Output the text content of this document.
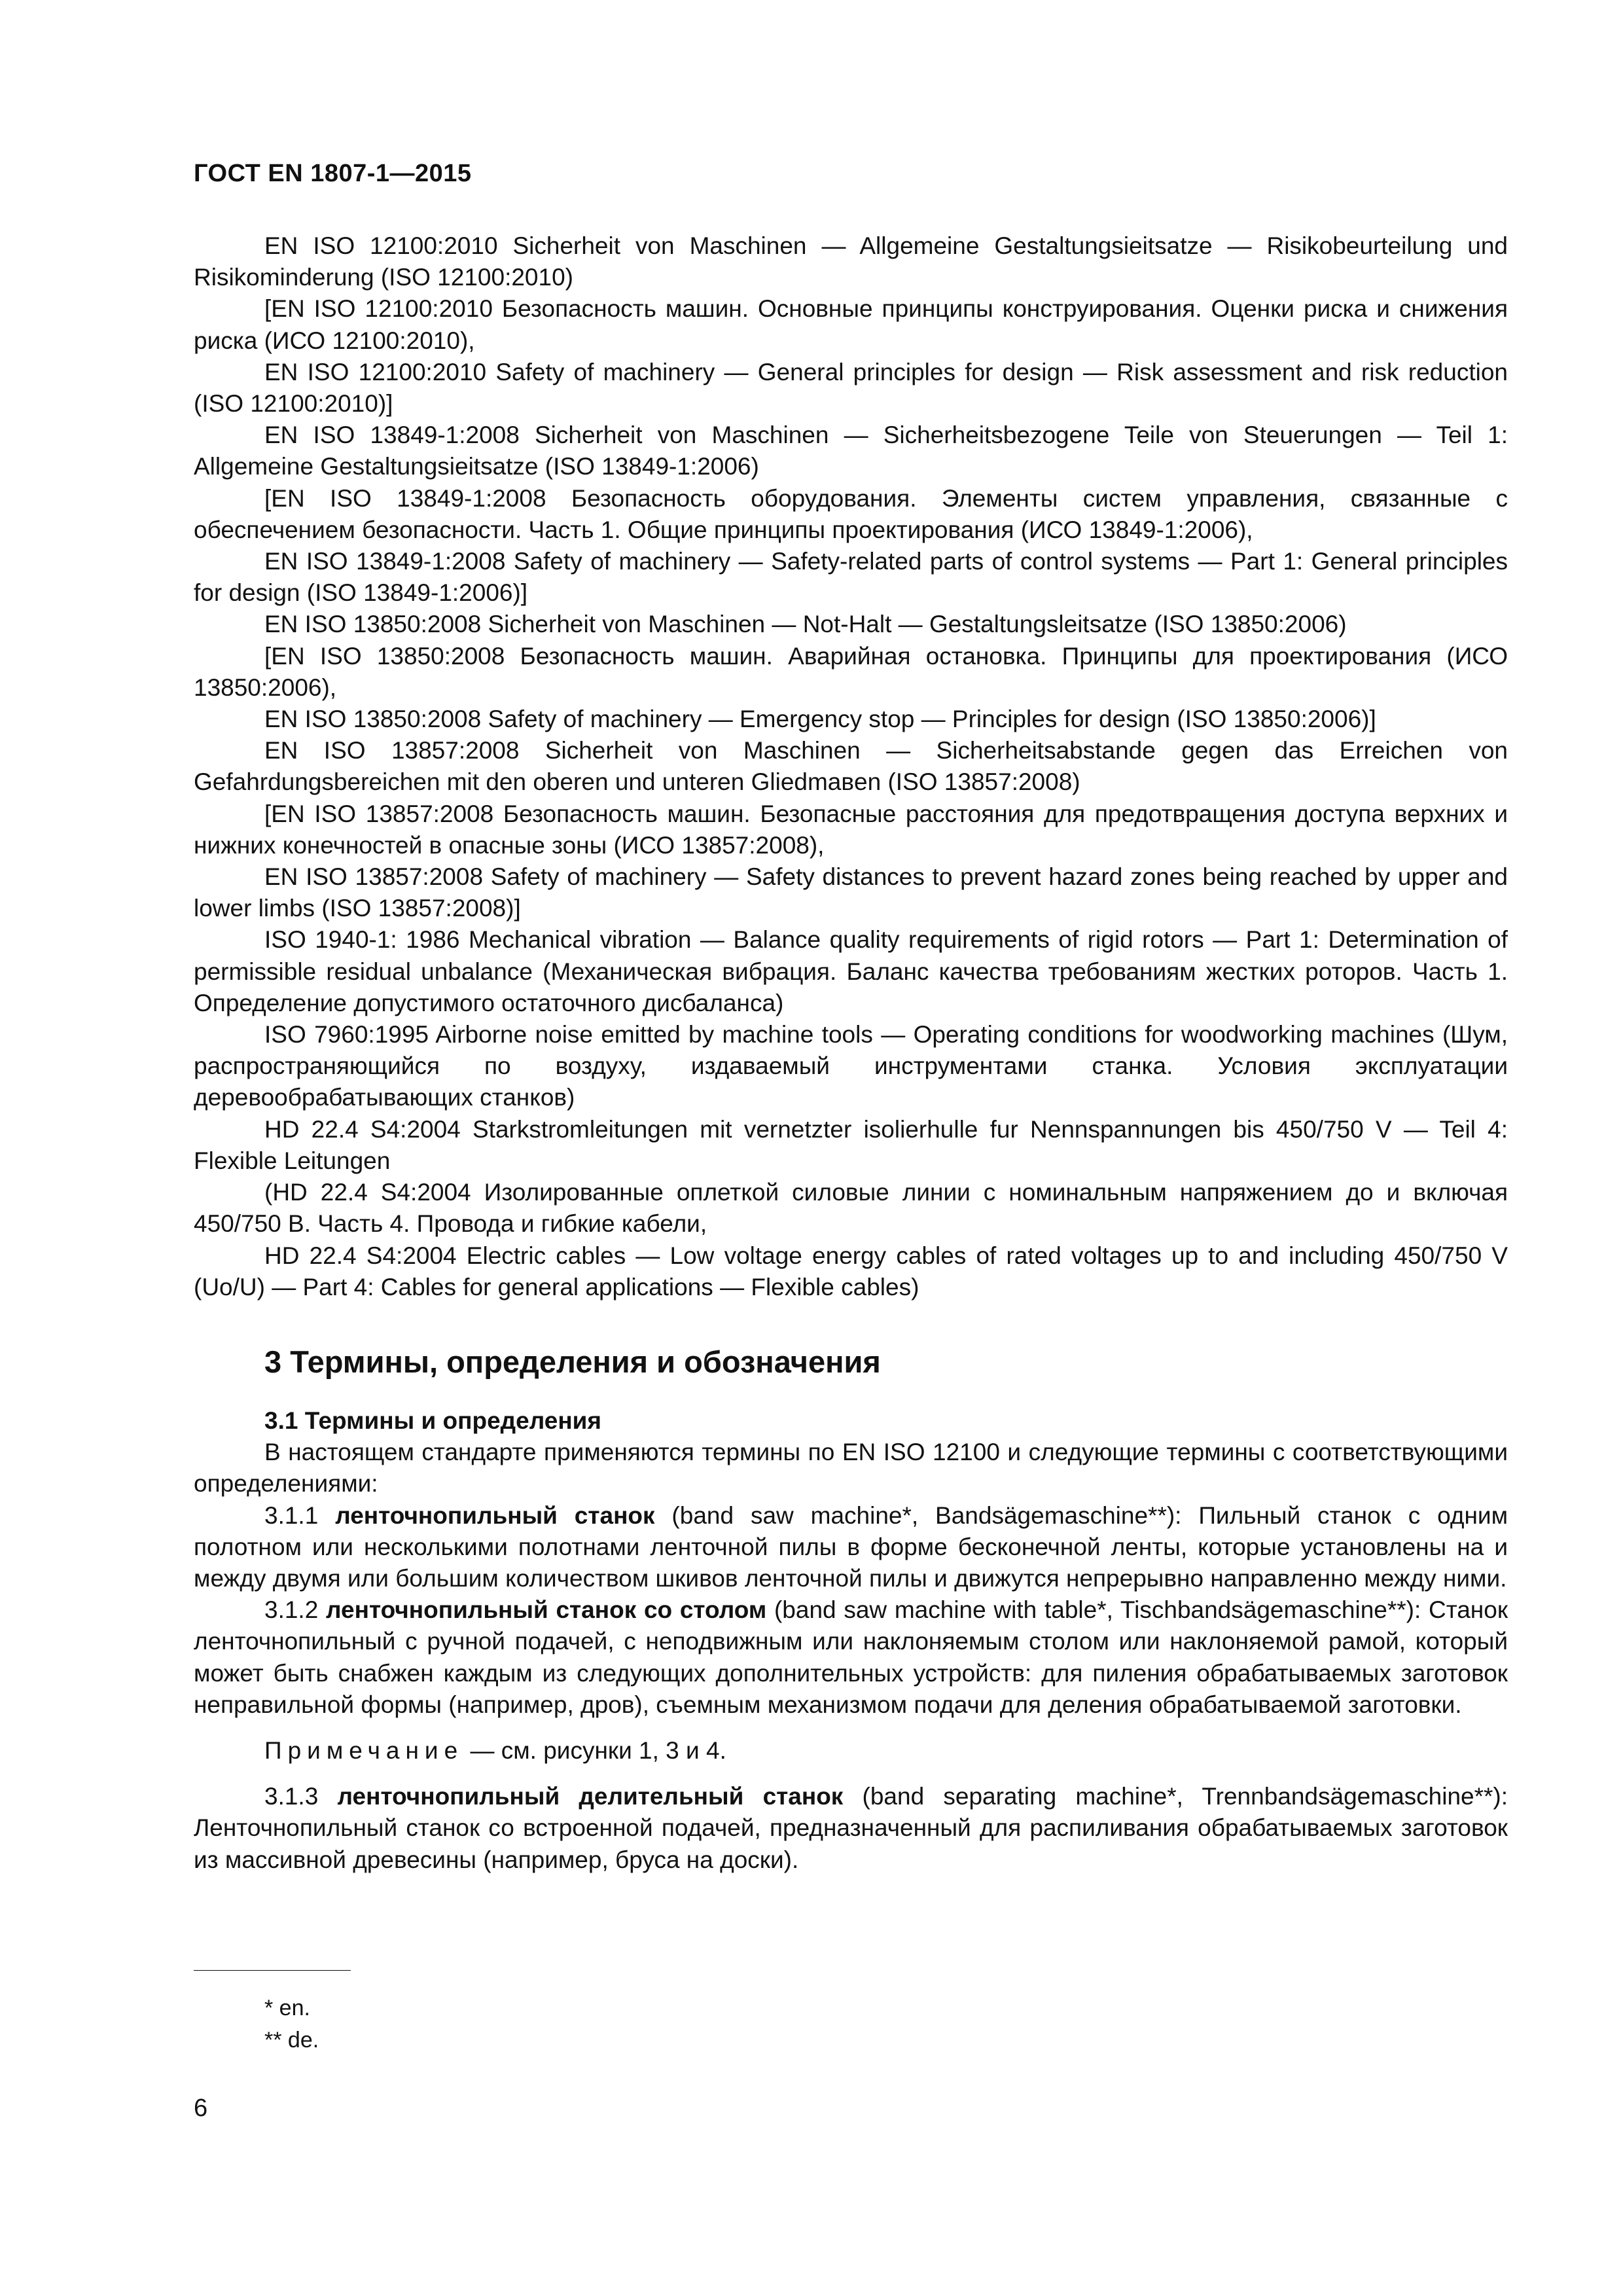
ГОСТ EN 1807-1—2015

EN ISO 12100:2010 Sicherheit von Maschinen — Allgemeine Gestaltungsieitsatze — Risikobeurteilung und Risikominderung (ISO 12100:2010)

[EN ISO 12100:2010 Безопасность машин. Основные принципы конструирования. Оценки риска и снижения риска (ИСО 12100:2010),

EN ISO 12100:2010 Safety of machinery — General principles for design — Risk assessment and risk reduction (ISO 12100:2010)]

EN ISO 13849-1:2008 Sicherheit von Maschinen — Sicherheitsbezogene Teile von Steuerungen — Teil 1: Allgemeine Gestaltungsieitsatze (ISO 13849-1:2006)

[EN ISO 13849-1:2008 Безопасность оборудования. Элементы систем управления, связанные с обеспечением безопасности. Часть 1. Общие принципы проектирования (ИСО 13849-1:2006),

EN ISO 13849-1:2008 Safety of machinery — Safety-related parts of control systems — Part 1: General principles for design (ISO 13849-1:2006)]

EN ISO 13850:2008 Sicherheit von Maschinen — Not-Halt — Gestaltungsleitsatze (ISO 13850:2006)

[EN ISO 13850:2008 Безопасность машин. Аварийная остановка. Принципы для проектирования (ИСО 13850:2006),

EN ISO 13850:2008 Safety of machinery — Emergency stop — Principles for design (ISO 13850:2006)]

EN ISO 13857:2008 Sicherheit von Maschinen — Sicherheitsabstande gegen das Erreichen von Gefahrdungsbereichen mit den oberen und unteren Gliedmaвen (ISO 13857:2008)

[EN ISO 13857:2008 Безопасность машин. Безопасные расстояния для предотвращения доступа верхних и нижних конечностей в опасные зоны (ИСО 13857:2008),

EN ISO 13857:2008 Safety of machinery — Safety distances to prevent hazard zones being reached by upper and lower limbs (ISO 13857:2008)]

ISO 1940-1: 1986 Mechanical vibration — Balance quality requirements of rigid rotors — Part 1: Determination of permissible residual unbalance (Механическая вибрация. Баланс качества требованиям жестких роторов. Часть 1. Определение допустимого остаточного дисбаланса)

ISO 7960:1995 Airborne noise emitted by machine tools — Operating conditions for woodworking machines (Шум, распространяющийся по воздуху, издаваемый инструментами станка. Условия эксплуатации деревообрабатывающих станков)

HD 22.4 S4:2004 Starkstromleitungen mit vernetzter isolierhulle fur Nennspannungen bis 450/750 V — Teil 4: Flexible Leitungen

(HD 22.4 S4:2004 Изолированные оплеткой силовые линии с номинальным напряжением до и включая 450/750 В. Часть 4. Провода и гибкие кабели,

HD 22.4 S4:2004 Electric cables — Low voltage energy cables of rated voltages up to and including 450/750 V (Uo/U) — Part 4: Cables for general applications — Flexible cables)

3 Термины, определения и обозначения

3.1 Термины и определения

В настоящем стандарте применяются термины по EN ISO 12100 и следующие термины с соответствующими определениями:

3.1.1 ленточнопильный станок (band saw machine*, Bandsägemaschine**): Пильный станок с одним полотном или несколькими полотнами ленточной пилы в форме бесконечной ленты, которые установлены на и между двумя или большим количеством шкивов ленточной пилы и движутся непрерывно направленно между ними.

3.1.2 ленточнопильный станок со столом (band saw machine with table*, Tischbandsägemaschine**): Станок ленточнопильный с ручной подачей, с неподвижным или наклоняемым столом или наклоняемой рамой, который может быть снабжен каждым из следующих дополнительных устройств: для пиления обрабатываемых заготовок неправильной формы (например, дров), съемным механизмом подачи для деления обрабатываемой заготовки.

Примечание — см. рисунки 1, 3 и 4.

3.1.3 ленточнопильный делительный станок (band separating machine*, Trennbandsägemaschine**): Ленточнопильный станок со встроенной подачей, предназначенный для распиливания обрабатываемых заготовок из массивной древесины (например, бруса на доски).

* en.
** de.
6
